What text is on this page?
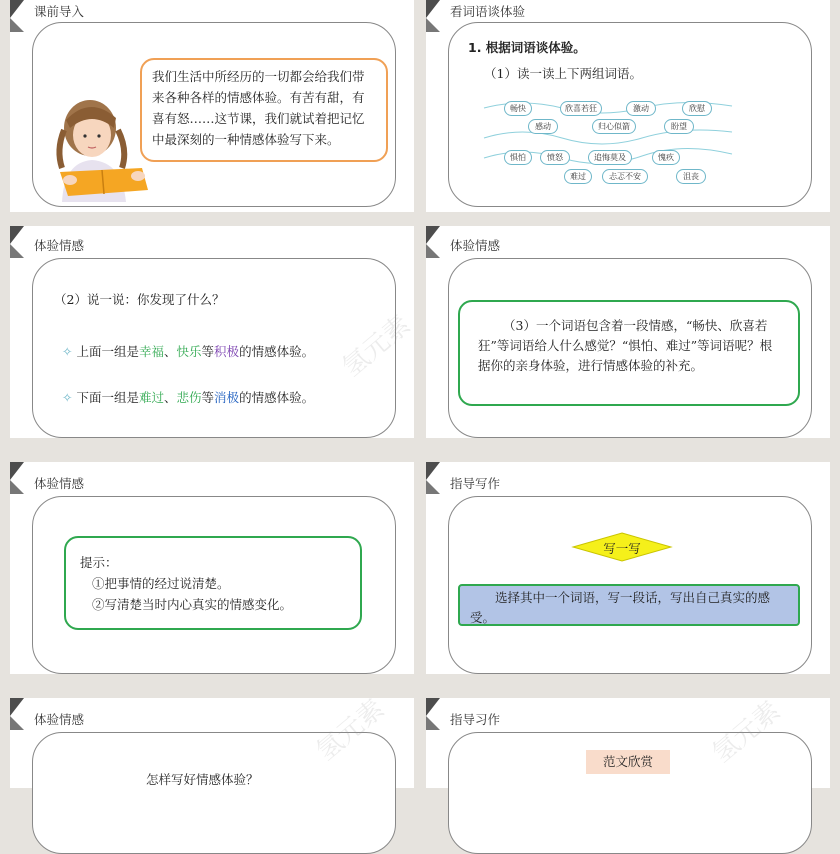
课前导入
我们生活中所经历的一切都会给我们带来各种各样的情感体验。有苦有甜，有喜有怒……这节课，我们就试着把记忆中最深刻的一种情感体验写下来。
看词语谈体验
1. 根据词语谈体验。
（1）读一读上下两组词语。
畅快	欣喜若狂	激动	欣慰
感动	归心似箭	盼望
惧怕	愤怒	追悔莫及	愧疚
难过	忐忑不安	沮丧
体验情感
（2）说一说：你发现了什么？
✧ 上面一组是幸福、快乐等积极的情感体验。
✧ 下面一组是难过、悲伤等消极的情感体验。
体验情感
（3）一个词语包含着一段情感，“畅快、欣喜若狂”等词语给人什么感觉？“惧怕、难过”等词语呢？根据你的亲身体验，进行情感体验的补充。
体验情感
提示：
①把事情的经过说清楚。
②写清楚当时内心真实的情感变化。
指导写作
写一写
选择其中一个词语，写一段话，写出自己真实的感受。
体验情感
怎样写好情感体验？
氢元素	指导习作
范文欣赏
